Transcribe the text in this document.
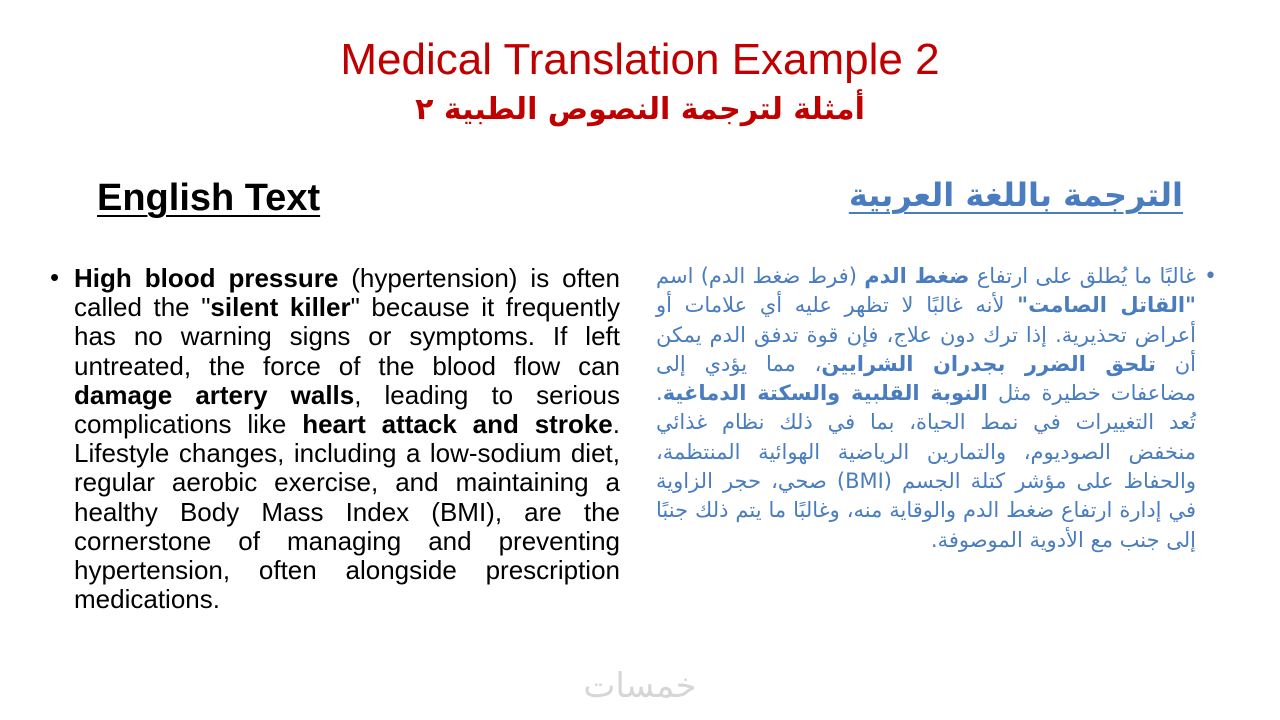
Medical Translation Example 2
أمثلة لترجمة النصوص الطبية ٢
English Text	الترجمة باللغة العربية
• High blood pressure (hypertension) is often called the "silent killer" because it frequently has no warning signs or symptoms. If left untreated, the force of the blood flow can damage artery walls, leading to serious complications like heart attack and stroke. Lifestyle changes, including a low-sodium diet, regular aerobic exercise, and maintaining a healthy Body Mass Index (BMI), are the cornerstone of managing and preventing hypertension, often alongside prescription medications.
•
غالبًا ما يُطلق على ارتفاع ضغط الدم (فرط ضغط الدم) اسم "القاتل الصامت" لأنه غالبًا لا تظهر عليه أي علامات أو أعراض تحذيرية. إذا ترك دون علاج، فإن قوة تدفق الدم يمكن أن تلحق الضرر بجدران الشرايين، مما يؤدي إلى مضاعفات خطيرة مثل النوبة القلبية والسكتة الدماغية. تُعد التغييرات في نمط الحياة، بما في ذلك نظام غذائي منخفض الصوديوم، والتمارين الرياضية الهوائية المنتظمة، والحفاظ على مؤشر كتلة الجسم (BMI) صحي، حجر الزاوية في إدارة ارتفاع ضغط الدم والوقاية منه، وغالبًا ما يتم ذلك جنبًا إلى جنب مع الأدوية الموصوفة.
خمسات
